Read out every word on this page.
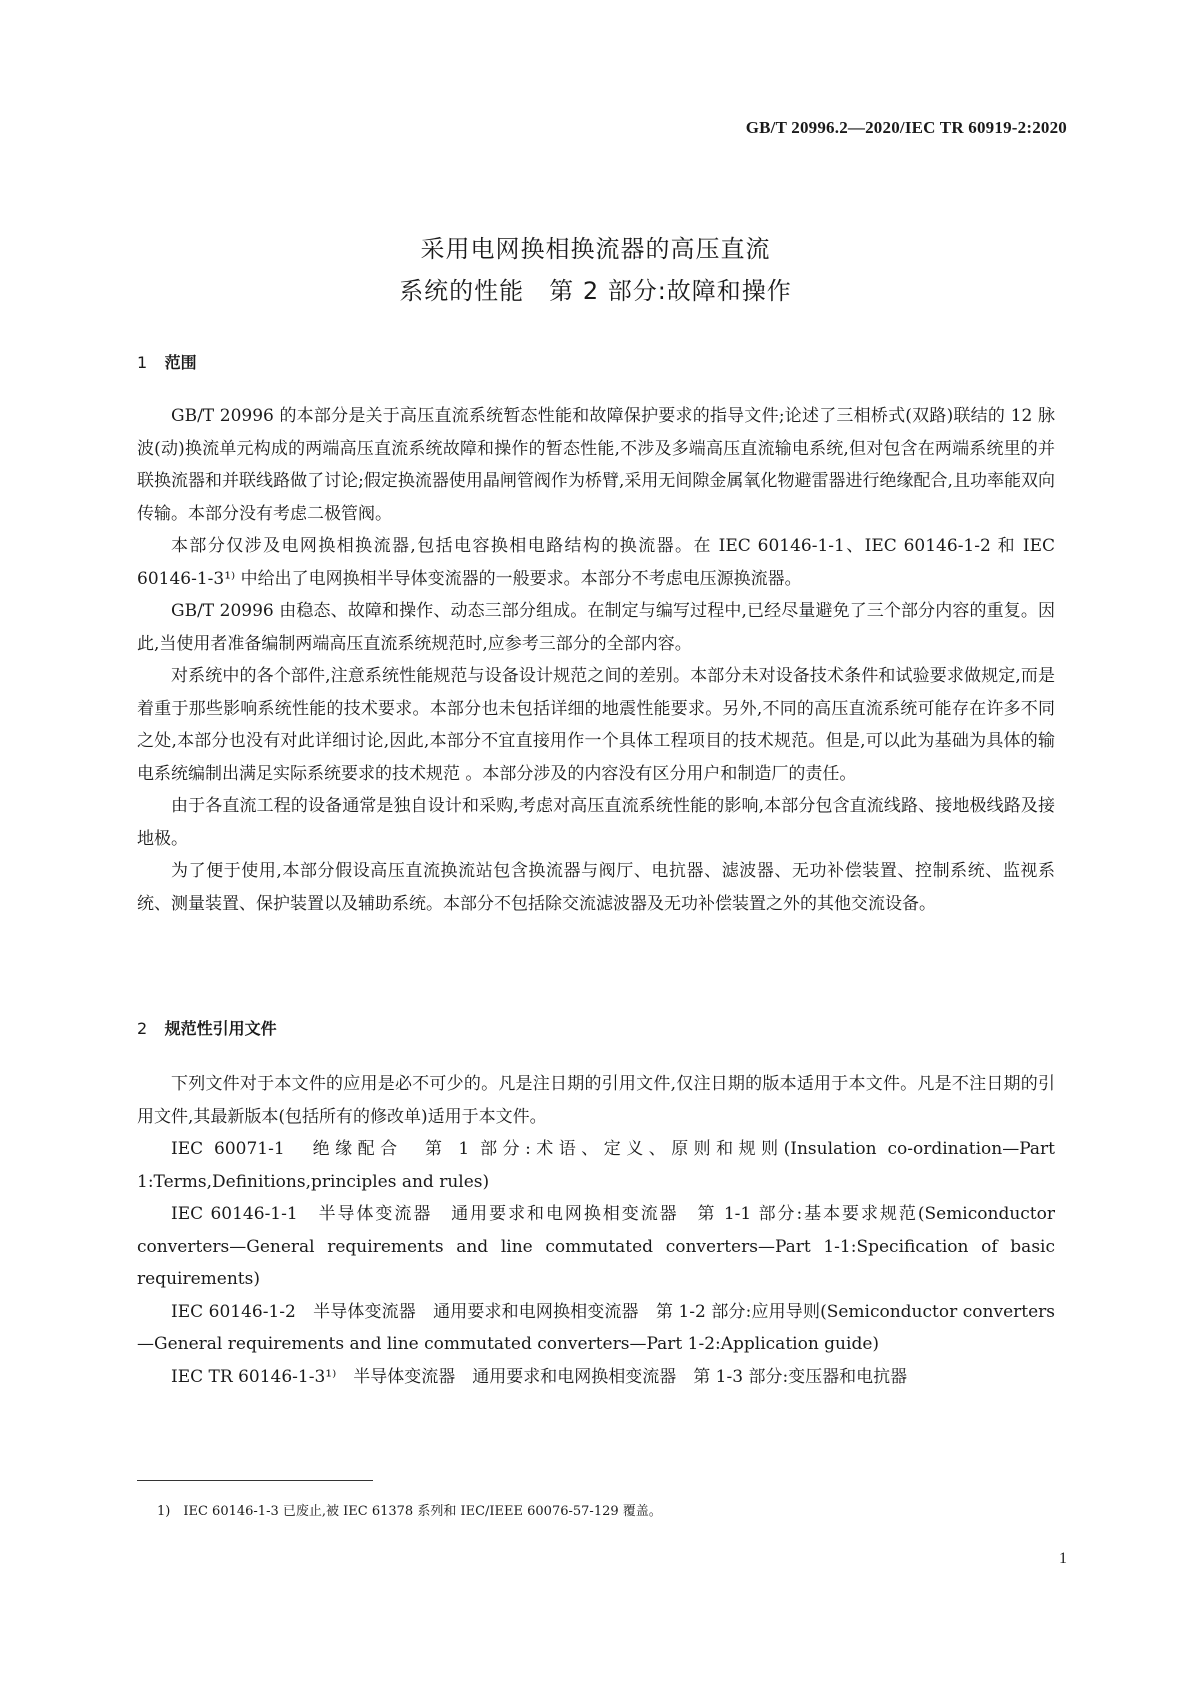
GB/T 20996.2—2020/IEC TR 60919-2:2020
采用电网换相换流器的高压直流
系统的性能　第 2 部分:故障和操作
1 范围

GB/T 20996 的本部分是关于高压直流系统暂态性能和故障保护要求的指导文件;论述了三相桥式(双路)联结的 12 脉波(动)换流单元构成的两端高压直流系统故障和操作的暂态性能,不涉及多端高压直流输电系统,但对包含在两端系统里的并联换流器和并联线路做了讨论;假定换流器使用晶闸管阀作为桥臂,采用无间隙金属氧化物避雷器进行绝缘配合,且功率能双向传输。本部分没有考虑二极管阀。

本部分仅涉及电网换相换流器,包括电容换相电路结构的换流器。在 IEC 60146-1-1、IEC 60146-1-2 和 IEC 60146-1-3¹⁾ 中给出了电网换相半导体变流器的一般要求。本部分不考虑电压源换流器。

GB/T 20996 由稳态、故障和操作、动态三部分组成。在制定与编写过程中,已经尽量避免了三个部分内容的重复。因此,当使用者准备编制两端高压直流系统规范时,应参考三部分的全部内容。

对系统中的各个部件,注意系统性能规范与设备设计规范之间的差别。本部分未对设备技术条件和试验要求做规定,而是着重于那些影响系统性能的技术要求。本部分也未包括详细的地震性能要求。另外,不同的高压直流系统可能存在许多不同之处,本部分也没有对此详细讨论,因此,本部分不宜直接用作一个具体工程项目的技术规范。但是,可以此为基础为具体的输电系统编制出满足实际系统要求的技术规范 。本部分涉及的内容没有区分用户和制造厂的责任。

由于各直流工程的设备通常是独自设计和采购,考虑对高压直流系统性能的影响,本部分包含直流线路、接地极线路及接地极。

为了便于使用,本部分假设高压直流换流站包含换流器与阀厅、电抗器、滤波器、无功补偿装置、控制系统、监视系统、测量装置、保护装置以及辅助系统。本部分不包括除交流滤波器及无功补偿装置之外的其他交流设备。

2 规范性引用文件

下列文件对于本文件的应用是必不可少的。凡是注日期的引用文件,仅注日期的版本适用于本文件。凡是不注日期的引用文件,其最新版本(包括所有的修改单)适用于本文件。

IEC 60071-1　绝缘配合　第 1 部分:术语、定义、原则和规则(Insulation co-ordination—Part 1:Terms,Definitions,principles and rules)

IEC 60146-1-1　半导体变流器　通用要求和电网换相变流器　第 1-1 部分:基本要求规范(Semiconductor converters—General requirements and line commutated converters—Part 1-1:Specification of basic requirements)

IEC 60146-1-2　半导体变流器　通用要求和电网换相变流器　第 1-2 部分:应用导则(Semiconductor converters—General requirements and line commutated converters—Part 1-2:Application guide)

IEC TR 60146-1-3¹⁾　半导体变流器　通用要求和电网换相变流器　第 1-3 部分:变压器和电抗器

1)　IEC 60146-1-3 已废止,被 IEC 61378 系列和 IEC/IEEE 60076-57-129 覆盖。
1
